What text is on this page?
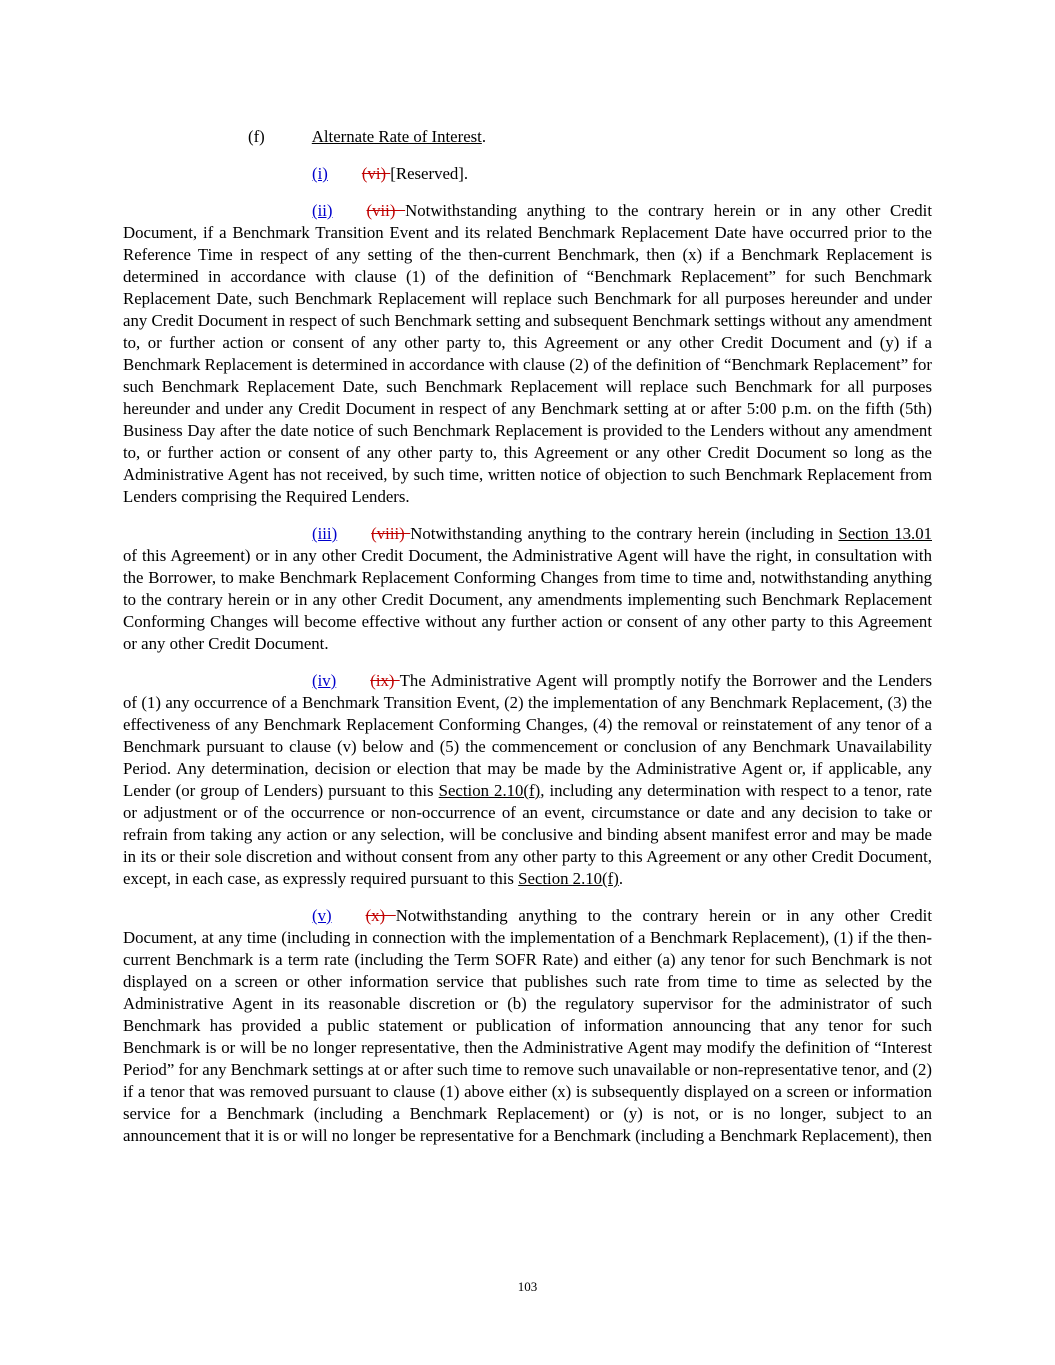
(f)	Alternate Rate of Interest.

(i) (vi) [Reserved].

(ii) (vii) Notwithstanding anything to the contrary herein or in any other Credit Document, if a Benchmark Transition Event and its related Benchmark Replacement Date have occurred prior to the Reference Time in respect of any setting of the then-current Benchmark, then (x) if a Benchmark Replacement is determined in accordance with clause (1) of the definition of “Benchmark Replacement” for such Benchmark Replacement Date, such Benchmark Replacement will replace such Benchmark for all purposes hereunder and under any Credit Document in respect of such Benchmark setting and subsequent Benchmark settings without any amendment to, or further action or consent of any other party to, this Agreement or any other Credit Document and (y) if a Benchmark Replacement is determined in accordance with clause (2) of the definition of “Benchmark Replacement” for such Benchmark Replacement Date, such Benchmark Replacement will replace such Benchmark for all purposes hereunder and under any Credit Document in respect of any Benchmark setting at or after 5:00 p.m. on the fifth (5th) Business Day after the date notice of such Benchmark Replacement is provided to the Lenders without any amendment to, or further action or consent of any other party to, this Agreement or any other Credit Document so long as the Administrative Agent has not received, by such time, written notice of objection to such Benchmark Replacement from Lenders comprising the Required Lenders.

(iii) (viii) Notwithstanding anything to the contrary herein (including in Section 13.01 of this Agreement) or in any other Credit Document, the Administrative Agent will have the right, in consultation with the Borrower, to make Benchmark Replacement Conforming Changes from time to time and, notwithstanding anything to the contrary herein or in any other Credit Document, any amendments implementing such Benchmark Replacement Conforming Changes will become effective without any further action or consent of any other party to this Agreement or any other Credit Document.

(iv) (ix) The Administrative Agent will promptly notify the Borrower and the Lenders of (1) any occurrence of a Benchmark Transition Event, (2) the implementation of any Benchmark Replacement, (3) the effectiveness of any Benchmark Replacement Conforming Changes, (4) the removal or reinstatement of any tenor of a Benchmark pursuant to clause (v) below and (5) the commencement or conclusion of any Benchmark Unavailability Period. Any determination, decision or election that may be made by the Administrative Agent or, if applicable, any Lender (or group of Lenders) pursuant to this Section 2.10(f), including any determination with respect to a tenor, rate or adjustment or of the occurrence or non-occurrence of an event, circumstance or date and any decision to take or refrain from taking any action or any selection, will be conclusive and binding absent manifest error and may be made in its or their sole discretion and without consent from any other party to this Agreement or any other Credit Document, except, in each case, as expressly required pursuant to this Section 2.10(f).

(v) (x) Notwithstanding anything to the contrary herein or in any other Credit Document, at any time (including in connection with the implementation of a Benchmark Replacement), (1) if the then-current Benchmark is a term rate (including the Term SOFR Rate) and either (a) any tenor for such Benchmark is not displayed on a screen or other information service that publishes such rate from time to time as selected by the Administrative Agent in its reasonable discretion or (b) the regulatory supervisor for the administrator of such Benchmark has provided a public statement or publication of information announcing that any tenor for such Benchmark is or will be no longer representative, then the Administrative Agent may modify the definition of “Interest Period” for any Benchmark settings at or after such time to remove such unavailable or non-representative tenor, and (2) if a tenor that was removed pursuant to clause (1) above either (x) is subsequently displayed on a screen or information service for a Benchmark (including a Benchmark Replacement) or (y) is not, or is no longer, subject to an announcement that it is or will no longer be representative for a Benchmark (including a Benchmark Replacement), then

103
